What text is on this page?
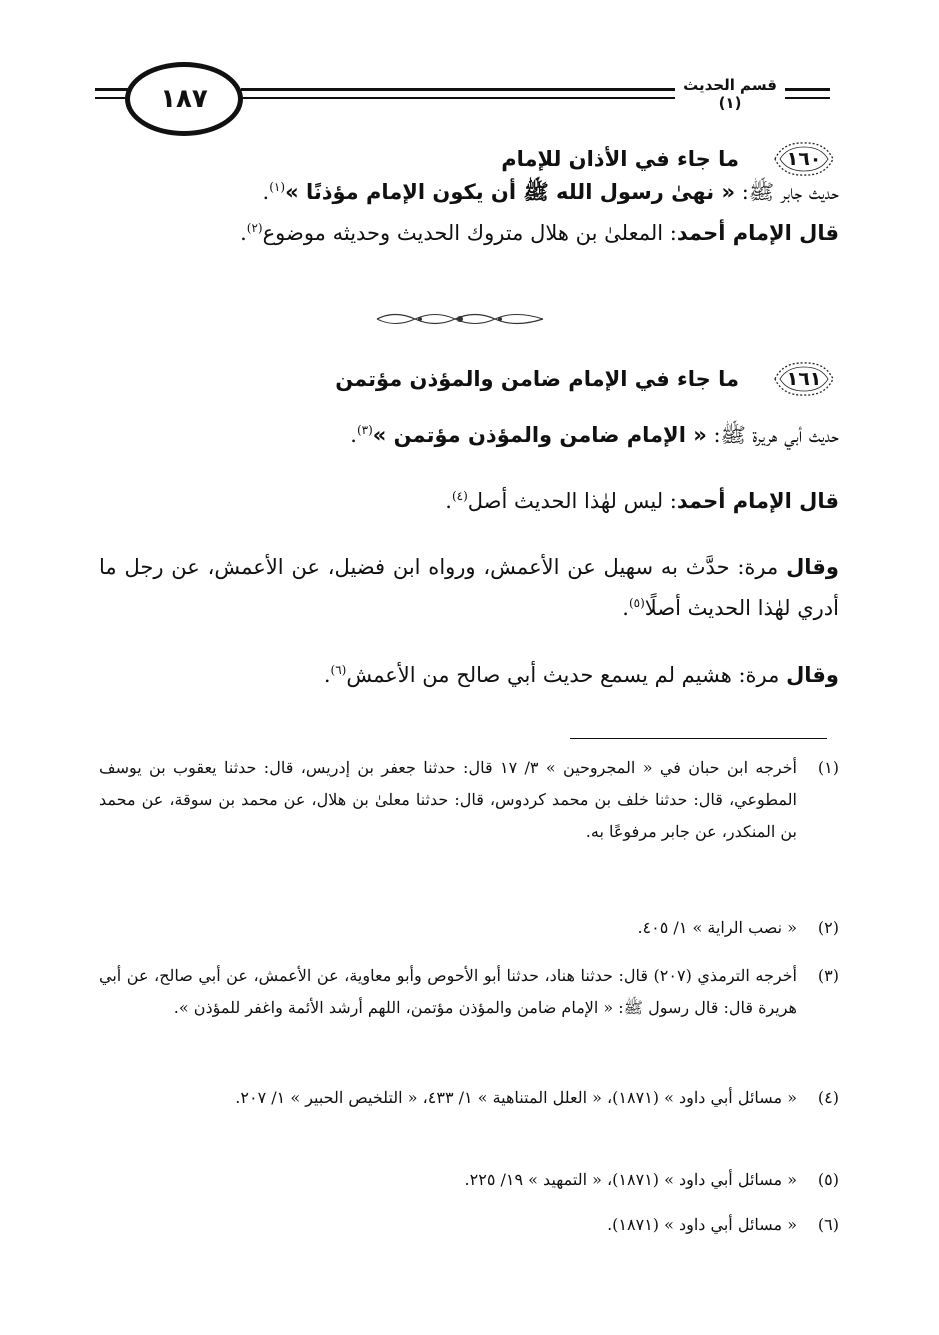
١٨٧	قسم الحديث (١)
١٦٠
ما جاء في الأذان للإمام

حديث جابر ﷺ: « نهىٰ رسول الله ﷺ أن يكون الإمام مؤذنًا »$^{(١)}$.

قال الإمام أحمد: المعلىٰ بن هلال متروك الحديث وحديثه موضوع$^{(٢)}$.

١٦١
ما جاء في الإمام ضامن والمؤذن مؤتمن

حديث أبي هريرة ﷺ: « الإمام ضامن والمؤذن مؤتمن »$^{(٣)}$.

قال الإمام أحمد: ليس لهٰذا الحديث أصل$^{(٤)}$.

وقال مرة: حدَّث به سهيل عن الأعمش، ورواه ابن فضيل، عن الأعمش، عن رجل ما أدري لهٰذا الحديث أصلًا$^{(٥)}$.

وقال مرة: هشيم لم يسمع حديث أبي صالح من الأعمش$^{(٦)}$.

(١)
أخرجه ابن حبان في « المجروحين » ٣/ ١٧ قال: حدثنا جعفر بن إدريس، قال: حدثنا يعقوب بن يوسف المطوعي، قال: حدثنا خلف بن محمد كردوس، قال: حدثنا معلىٰ بن هلال، عن محمد بن سوقة، عن محمد بن المنكدر، عن جابر مرفوعًا به.
(٢)
« نصب الراية » ١/ ٤٠٥.
(٣)
أخرجه الترمذي (٢٠٧) قال: حدثنا هناد، حدثنا أبو الأحوص وأبو معاوية، عن الأعمش، عن أبي صالح، عن أبي هريرة قال: قال رسول ﷺ: « الإمام ضامن والمؤذن مؤتمن، اللهم أرشد الأئمة واغفر للمؤذن ».
(٤)
« مسائل أبي داود » (١٨٧١)، « العلل المتناهية » ١/ ٤٣٣، « التلخيص الحبير » ١/ ٢٠٧.
(٥)
« مسائل أبي داود » (١٨٧١)، « التمهيد » ١٩/ ٢٢٥.
(٦)
« مسائل أبي داود » (١٨٧١).
